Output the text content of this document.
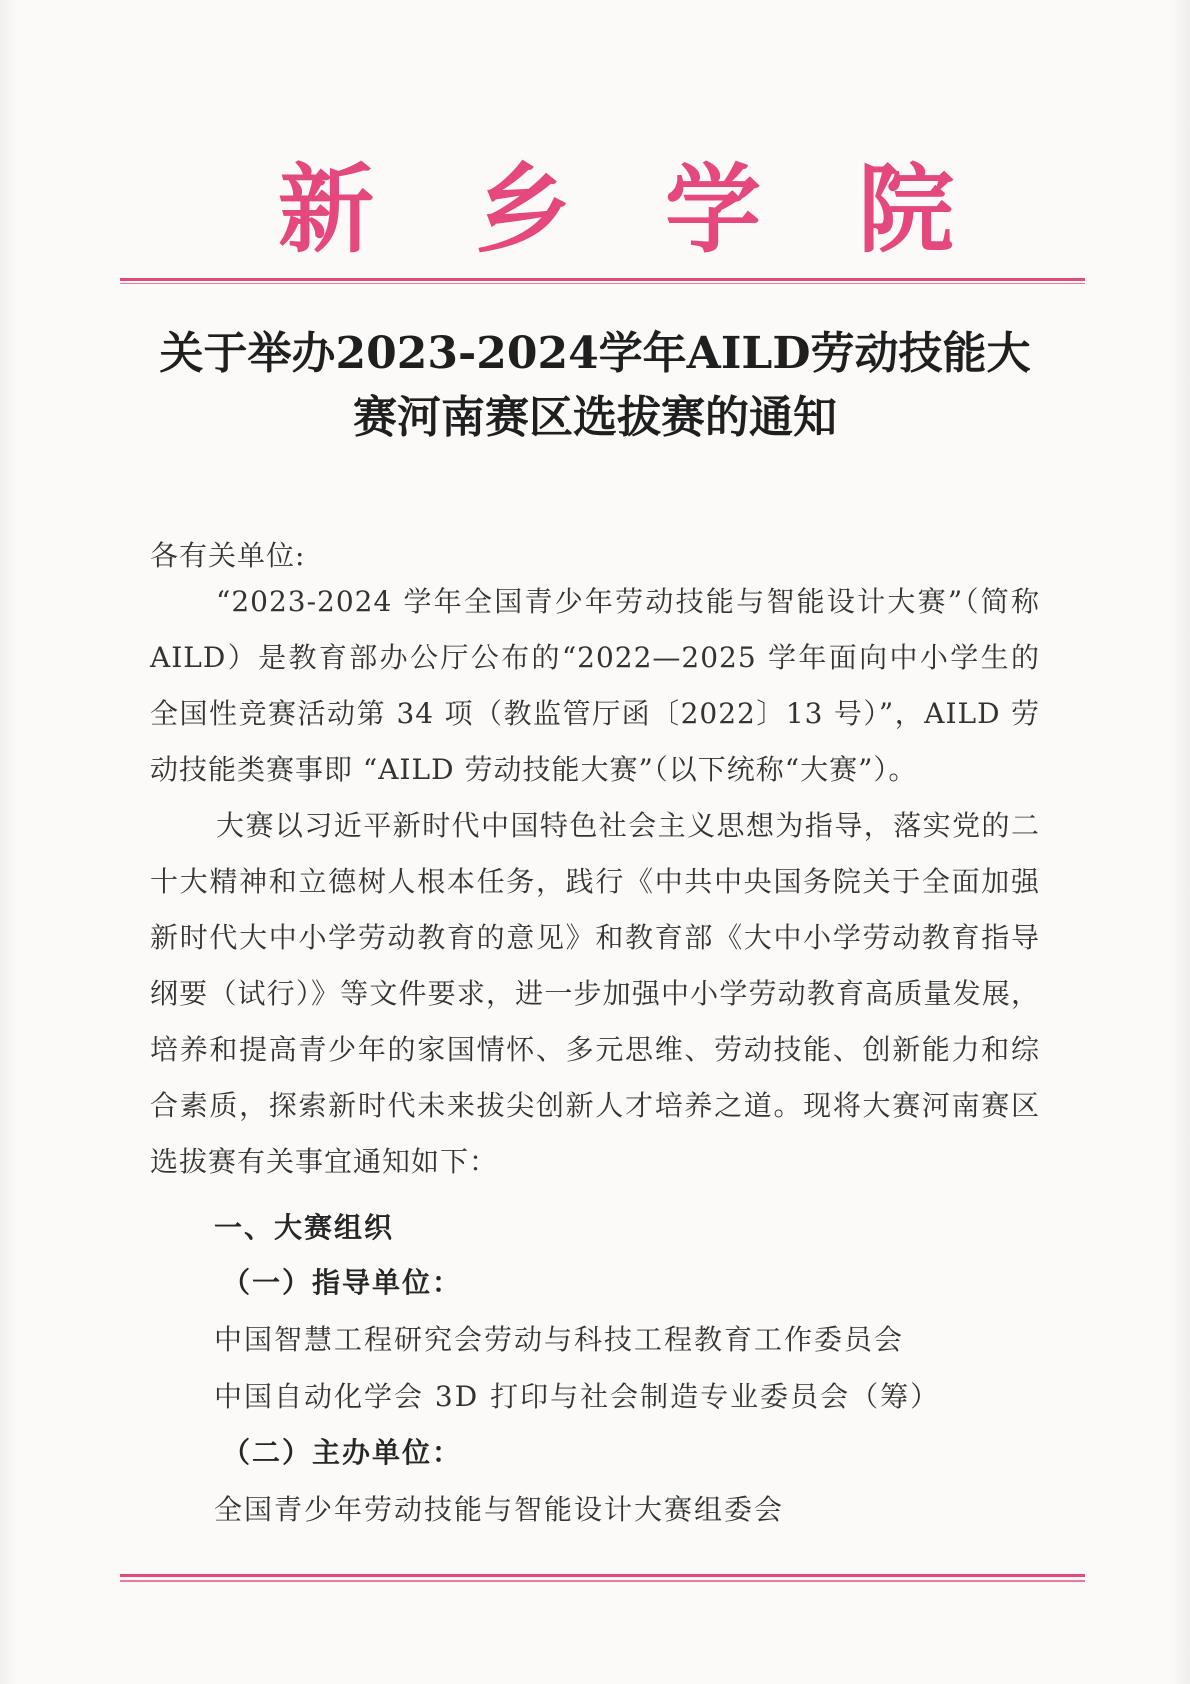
新 乡 学 院
关于举办2023-2024学年AILD劳动技能大
赛河南赛区选拔赛的通知

各有关单位:

“2023-2024 学年全国青少年劳动技能与智能设计大赛”（简称 AILD）是教育部办公厅公布的“2022—2025 学年面向中小学生的全国性竞赛活动第 34 项（教监管厅函〔2022〕13 号）”，AILD 劳动技能类赛事即 “AILD 劳动技能大赛”（以下统称“大赛”）。

大赛以习近平新时代中国特色社会主义思想为指导，落实党的二十大精神和立德树人根本任务，践行《中共中央国务院关于全面加强新时代大中小学劳动教育的意见》和教育部《大中小学劳动教育指导纲要（试行）》等文件要求，进一步加强中小学劳动教育高质量发展，培养和提高青少年的家国情怀、多元思维、劳动技能、创新能力和综合素质，探索新时代未来拔尖创新人才培养之道。现将大赛河南赛区选拔赛有关事宜通知如下：

一、大赛组织
（一）指导单位：
中国智慧工程研究会劳动与科技工程教育工作委员会
中国自动化学会 3D 打印与社会制造专业委员会（筹）
（二）主办单位：
全国青少年劳动技能与智能设计大赛组委会
